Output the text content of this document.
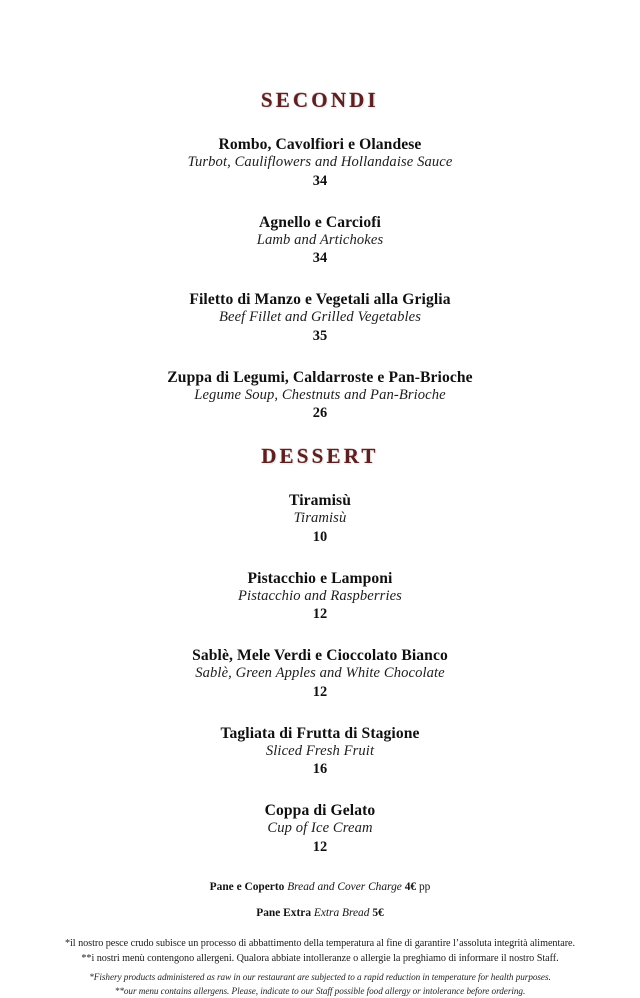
SECONDI
Rombo, Cavolfiori e Olandese
Turbot, Cauliflowers and Hollandaise Sauce
34
Agnello e Carciofi
Lamb and Artichokes
34
Filetto di Manzo e Vegetali alla Griglia
Beef Fillet and Grilled Vegetables
35
Zuppa di Legumi, Caldarroste e Pan-Brioche
Legume Soup, Chestnuts and Pan-Brioche
26
DESSERT
Tiramisù
Tiramisù
10
Pistacchio e Lamponi
Pistacchio and Raspberries
12
Sablè, Mele Verdi e Cioccolato Bianco
Sablè, Green Apples and White Chocolate
12
Tagliata di Frutta di Stagione
Sliced Fresh Fruit
16
Coppa di Gelato
Cup of Ice Cream
12
Pane e Coperto Bread and Cover Charge 4€ pp
Pane Extra Extra Bread 5€
*il nostro pesce crudo subisce un processo di abbattimento della temperatura al fine di garantire l’assoluta integrità alimentare.
**i nostri menù contengono allergeni. Qualora abbiate intolleranze o allergie la preghiamo di informare il nostro Staff.
*Fishery products administered as raw in our restaurant are subjected to a rapid reduction in temperature for health purposes.
**our menu contains allergens. Please, indicate to our Staff possible food allergy or intolerance before ordering.
